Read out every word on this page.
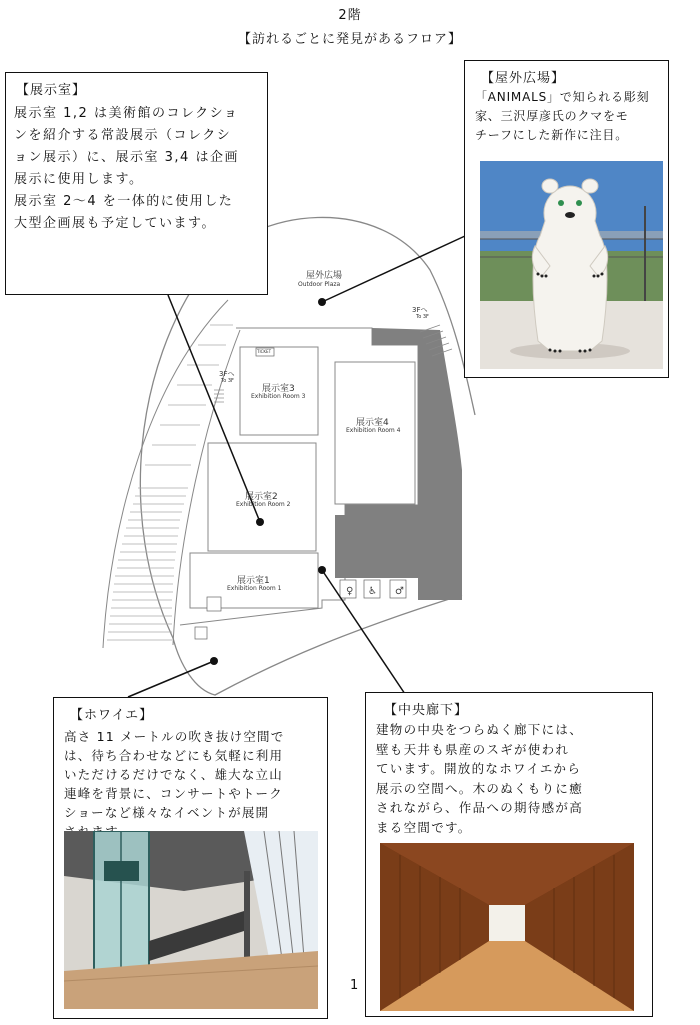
2階
【訪れるごとに発見があるフロア】
♀ ♿ ♂
屋外広場
Outdoor Plaza
3Fへ
To 3F
3Fへ
To 3F
TICKET
展示室3
Exhibition Room 3
展示室4
Exhibition Room 4
展示室2
Exhibition Room 2
展示室1
Exhibition Room 1
【展示室】

展示室 1,2 は美術館のコレクショ

ンを紹介する常設展示（コレクシ

ョン展示）に、展示室 3,4 は企画

展示に使用します。

展示室 2〜4 を一体的に使用した

大型企画展も予定しています。

【屋外広場】

「ANIMALS」で知られる彫刻

家、三沢厚彦氏のクマをモ

チーフにした新作に注目。

【ホワイエ】

高さ 11 メートルの吹き抜け空間で

は、待ち合わせなどにも気軽に利用

いただけるだけでなく、雄大な立山

連峰を背景に、コンサートやトーク

ショーなど様々なイベントが展開

【中央廊下】

建物の中央をつらぬく廊下には、

壁も天井も県産のスギが使われ

ています。開放的なホワイエから

展示の空間へ。木のぬくもりに癒

されながら、作品への期待感が高

まる空間です。

1
